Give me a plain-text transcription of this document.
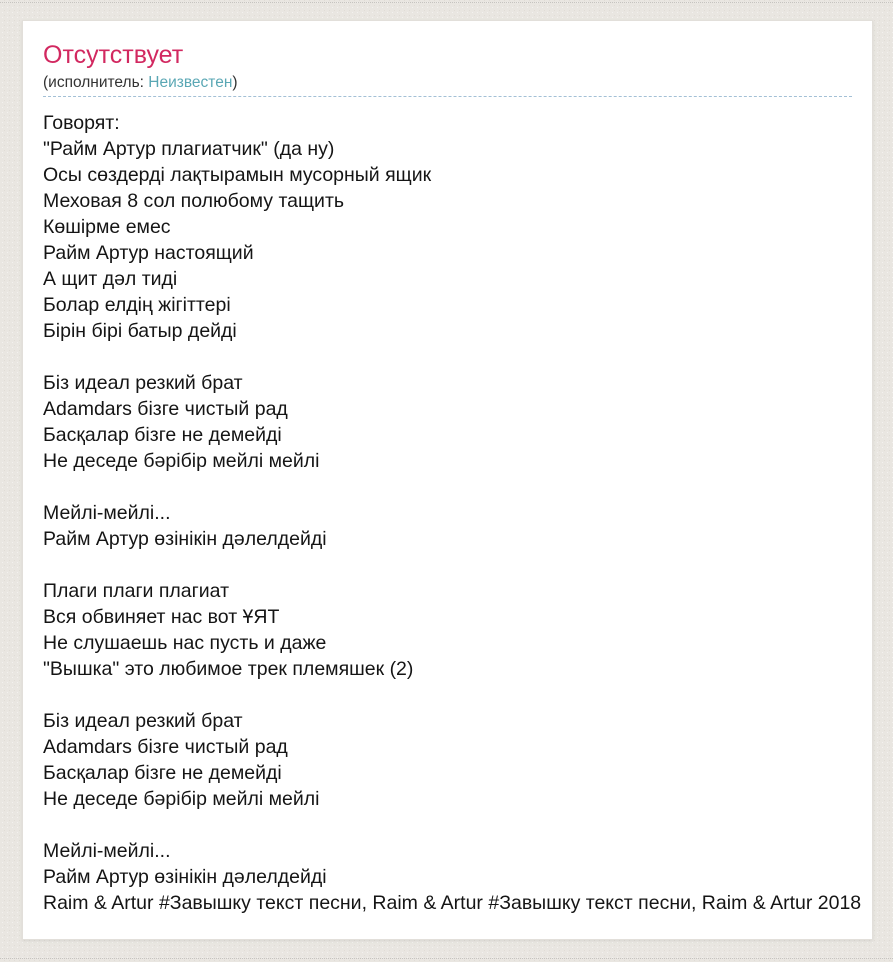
Отсутствует
(исполнитель: Неизвестен)
Говорят:
"Райм Артур плагиатчик" (да ну)
Осы сөздерді лақтырамын мусорный ящик
Меховая 8 сол полюбому тащить
Көшірме емес
Райм Артур настоящий
А щит дәл тиді
Болар елдің жігіттері
Бірін бірі батыр дейді
Біз идеал резкий брат
Adamdars бізге чистый рад
Басқалар бізге не демейді
Не деседе бәрібір мейлі мейлі
Мейлі-мейлі...
Райм Артур өзінікін дәлелдейді
Плаги плаги плагиат
Вся обвиняет нас вот ҰЯТ
Не слушаешь нас пусть и даже
"Вышка" это любимое трек племяшек (2)
Біз идеал резкий брат
Adamdars бізге чистый рад
Басқалар бізге не демейді
Не деседе бәрібір мейлі мейлі
Мейлі-мейлі...
Райм Артур өзінікін дәлелдейді
Raim & Artur #Завышку текст песни, Raim & Artur #Завышку текст песни, Raim & Artur 2018
